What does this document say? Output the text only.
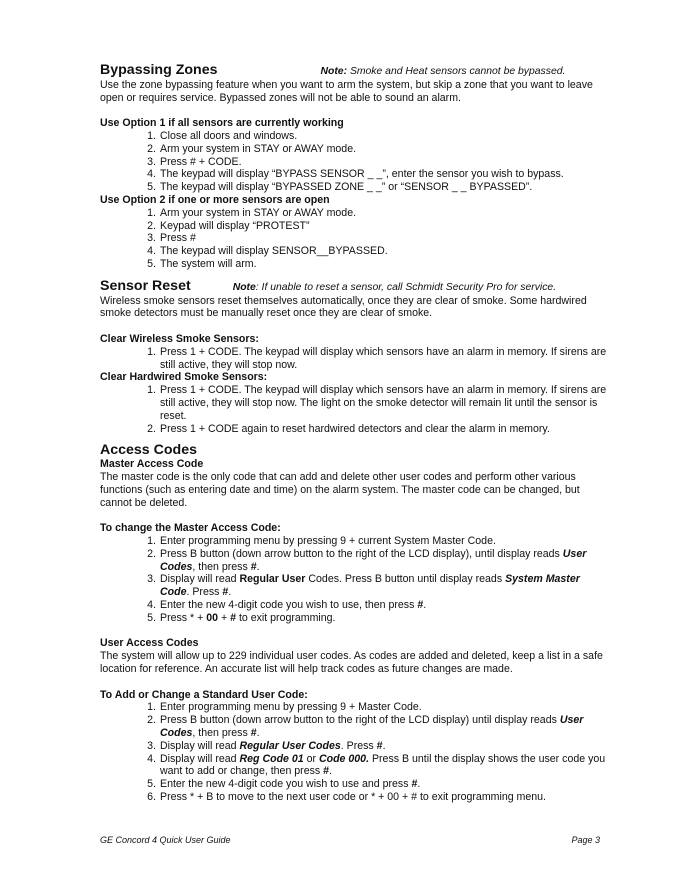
Bypassing Zones	Note: Smoke and Heat sensors cannot be bypassed.

Use the zone bypassing feature when you want to arm the system, but skip a zone that you want to leave open or requires service. Bypassed zones will not be able to sound an alarm.

Use Option 1 if all sensors are currently working
1. Close all doors and windows.
2. Arm your system in STAY or AWAY mode.
3. Press # + CODE.
4. The keypad will display “BYPASS SENSOR _ _”, enter the sensor you wish to bypass.
5. The keypad will display “BYPASSED ZONE _ _” or “SENSOR _ _ BYPASSED”.
Use Option 2 if one or more sensors are open
1. Arm your system in STAY or AWAY mode.
2. Keypad will display “PROTEST”
3. Press #
4. The keypad will display SENSOR__BYPASSED.
5. The system will arm.
Sensor Reset	Note: If unable to reset a sensor, call Schmidt Security Pro for service.

Wireless smoke sensors reset themselves automatically, once they are clear of smoke. Some hardwired smoke detectors must be manually reset once they are clear of smoke.

Clear Wireless Smoke Sensors:
1. Press 1 + CODE. The keypad will display which sensors have an alarm in memory. If sirens are still active, they will stop now.
Clear Hardwired Smoke Sensors:
1. Press 1 + CODE. The keypad will display which sensors have an alarm in memory. If sirens are still active, they will stop now. The light on the smoke detector will remain lit until the sensor is reset.
2. Press 1 + CODE again to reset hardwired detectors and clear the alarm in memory.
Access Codes
Master Access Code

The master code is the only code that can add and delete other user codes and perform other various functions (such as entering date and time) on the alarm system. The master code can be changed, but cannot be deleted.

To change the Master Access Code:
1. Enter programming menu by pressing 9 + current System Master Code.
2. Press B button (down arrow button to the right of the LCD display), until display reads User Codes, then press #.
3. Display will read Regular User Codes. Press B button until display reads System Master Code. Press #.
4. Enter the new 4-digit code you wish to use, then press #.
5. Press * + 00 + # to exit programming.
User Access Codes

The system will allow up to 229 individual user codes. As codes are added and deleted, keep a list in a safe location for reference. An accurate list will help track codes as future changes are made.

To Add or Change a Standard User Code:
1. Enter programming menu by pressing 9 + Master Code.
2. Press B button (down arrow button to the right of the LCD display) until display reads User Codes, then press #.
3. Display will read Regular User Codes. Press #.
4. Display will read Reg Code 01 or Code 000. Press B until the display shows the user code you want to add or change, then press #.
5. Enter the new 4-digit code you wish to use and press #.
6. Press * + B to move to the next user code or * + 00 + # to exit programming menu.
GE Concord 4 Quick User Guide	Page 3
